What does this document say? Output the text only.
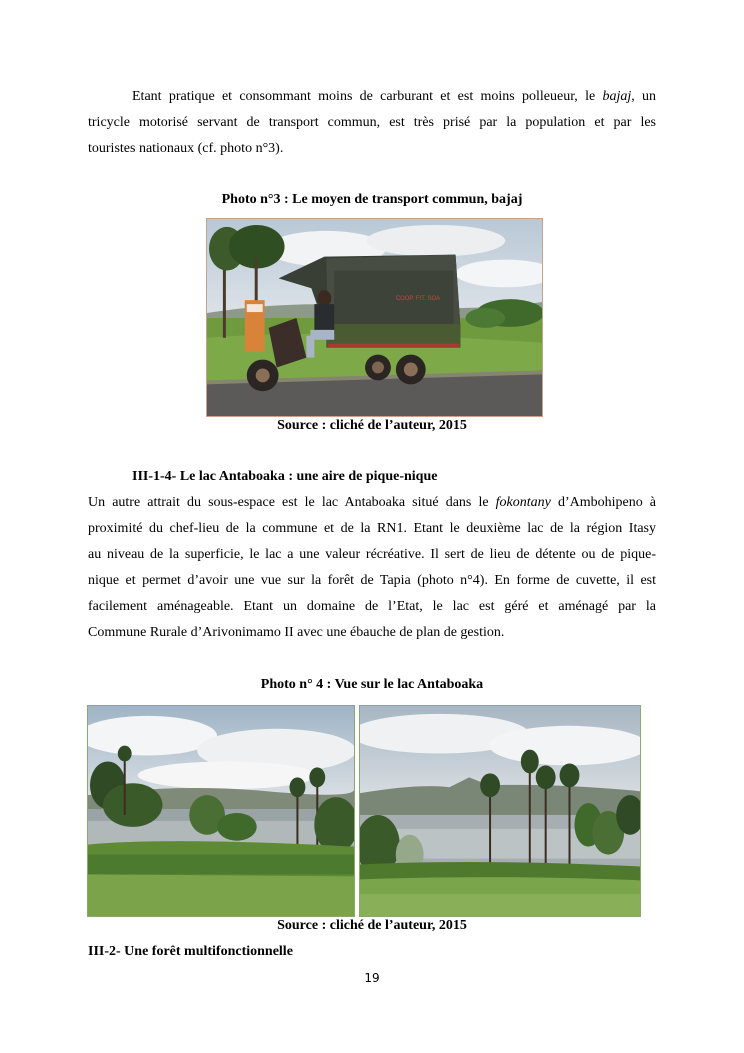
Etant pratique et consommant moins de carburant et est moins polleueur, le bajaj, un
tricycle motorisé servant de transport commun, est très prisé par la population et par les
touristes nationaux (cf. photo n°3).
Photo n°3 : Le moyen de transport commun, bajaj
COOP. FIT. SOA
Source : cliché de l’auteur, 2015
III-1-4- Le lac Antaboaka : une aire de pique-nique
Un autre attrait du sous-espace est le lac Antaboaka situé dans le fokontany d’Ambohipeno à
proximité du chef-lieu de la commune et de la RN1. Etant le deuxième lac de la région Itasy
au niveau de la superficie, le lac a une valeur récréative. Il sert de lieu de détente ou de pique-
nique et permet d’avoir une vue sur la forêt de Tapia (photo n°4). En forme de cuvette, il est
facilement aménageable. Etant un domaine de l’Etat, le lac est géré et aménagé par la
Commune Rurale d’Arivonimamo II avec une ébauche de plan de gestion.
Photo n° 4 : Vue sur le lac Antaboaka
Source : cliché de l’auteur, 2015
III-2- Une forêt multifonctionnelle
19
